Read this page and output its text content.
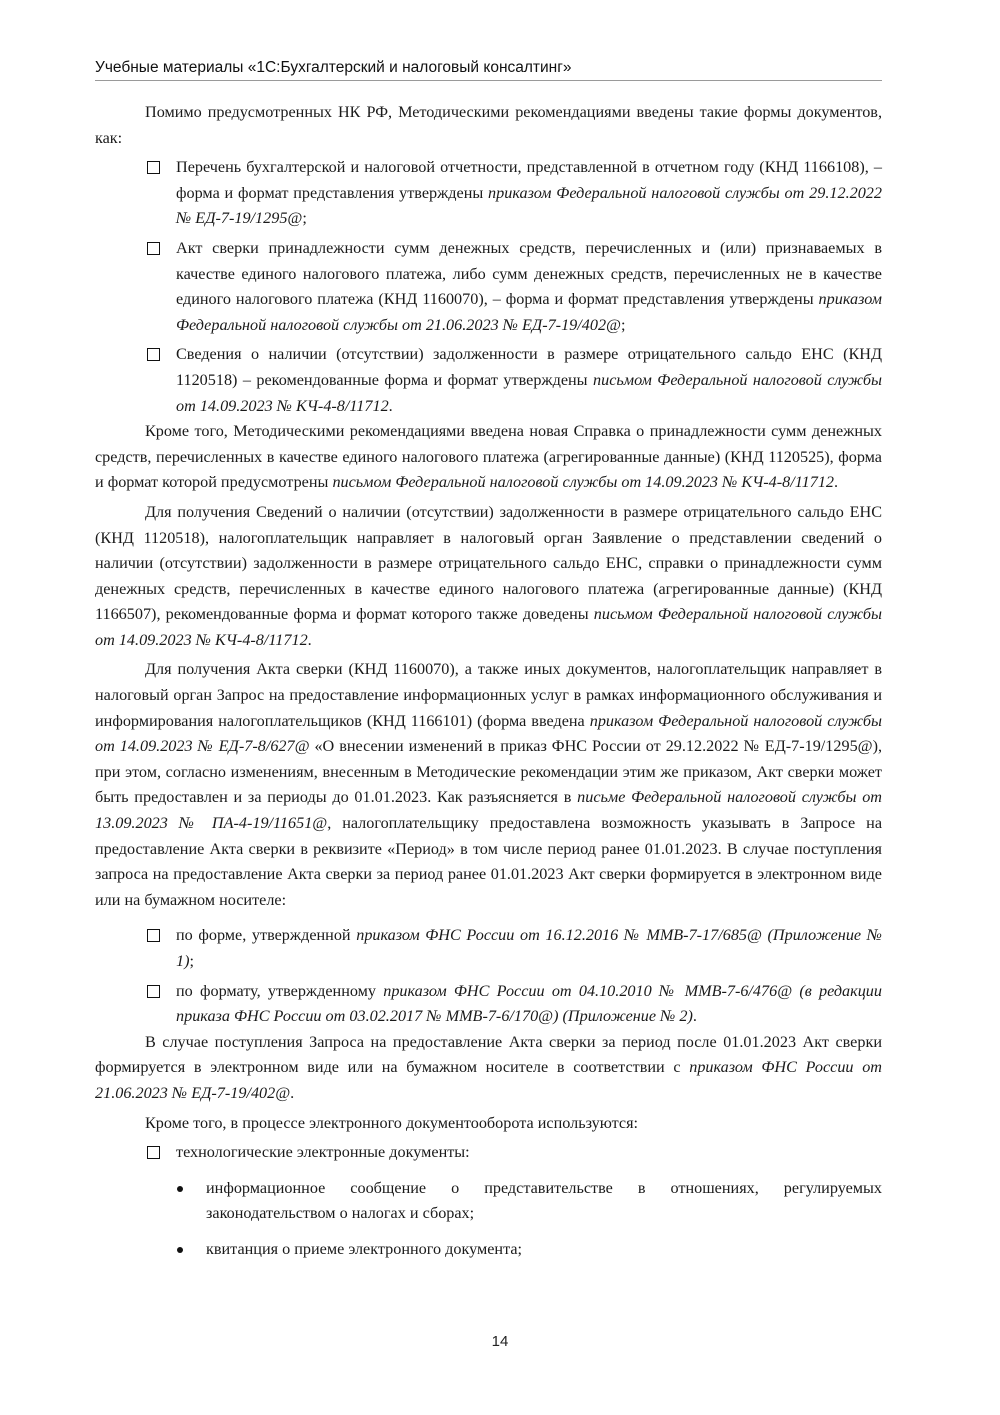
Учебные материалы «1С:Бухгалтерский и налоговый консалтинг»

Помимо предусмотренных НК РФ, Методическими рекомендациями введены такие формы документов, как:

Перечень бухгалтерской и налоговой отчетности, представленной в отчетном году (КНД 1166108), – форма и формат представления утверждены приказом Федеральной налоговой службы от 29.12.2022 № ЕД-7-19/1295@;

Акт сверки принадлежности сумм денежных средств, перечисленных и (или) признаваемых в качестве единого налогового платежа, либо сумм денежных средств, перечисленных не в качестве единого налогового платежа (КНД 1160070), – форма и формат представления утверждены приказом Федеральной налоговой службы от 21.06.2023 № ЕД-7-19/402@;

Сведения о наличии (отсутствии) задолженности в размере отрицательного сальдо ЕНС (КНД 1120518) – рекомендованные форма и формат утверждены письмом Федеральной налоговой службы от 14.09.2023 № КЧ-4-8/11712.

Кроме того, Методическими рекомендациями введена новая Справка о принадлежности сумм денежных средств, перечисленных в качестве единого налогового платежа (агрегированные данные) (КНД 1120525), форма и формат которой предусмотрены письмом Федеральной налоговой службы от 14.09.2023 № КЧ-4-8/11712.

Для получения Сведений о наличии (отсутствии) задолженности в размере отрицательного сальдо ЕНС (КНД 1120518), налогоплательщик направляет в налоговый орган Заявление о представлении сведений о наличии (отсутствии) задолженности в размере отрицательного сальдо ЕНС, справки о принадлежности сумм денежных средств, перечисленных в качестве единого налогового платежа (агрегированные данные) (КНД 1166507), рекомендованные форма и формат которого также доведены письмом Федеральной налоговой службы от 14.09.2023 № КЧ-4-8/11712.

Для получения Акта сверки (КНД 1160070), а также иных документов, налогоплательщик направляет в налоговый орган Запрос на предоставление информационных услуг в рамках информационного обслуживания и информирования налогоплательщиков (КНД 1166101) (форма введена приказом Федеральной налоговой службы от 14.09.2023 № ЕД-7-8/627@ «О внесении изменений в приказ ФНС России от 29.12.2022 № ЕД-7-19/1295@), при этом, согласно изменениям, внесенным в Методические рекомендации этим же приказом, Акт сверки может быть предоставлен и за периоды до 01.01.2023. Как разъясняется в письме Федеральной налоговой службы от 13.09.2023 № ПА-4-19/11651@, налогоплательщику предоставлена возможность указывать в Запросе на предоставление Акта сверки в реквизите «Период» в том числе период ранее 01.01.2023. В случае поступления запроса на предоставление Акта сверки за период ранее 01.01.2023 Акт сверки формируется в электронном виде или на бумажном носителе:

по форме, утвержденной приказом ФНС России от 16.12.2016 № ММВ-7-17/685@ (Приложение № 1);

по формату, утвержденному приказом ФНС России от 04.10.2010 № ММВ-7-6/476@ (в редакции приказа ФНС России от 03.02.2017 № ММВ-7-6/170@) (Приложение № 2).

В случае поступления Запроса на предоставление Акта сверки за период после 01.01.2023 Акт сверки формируется в электронном виде или на бумажном носителе в соответствии с приказом ФНС России от 21.06.2023 № ЕД-7-19/402@.

Кроме того, в процессе электронного документооборота используются:

технологические электронные документы:

информационное сообщение о представительстве в отношениях, регулируемых законодательством о налогах и сборах;

квитанция о приеме электронного документа;

14
